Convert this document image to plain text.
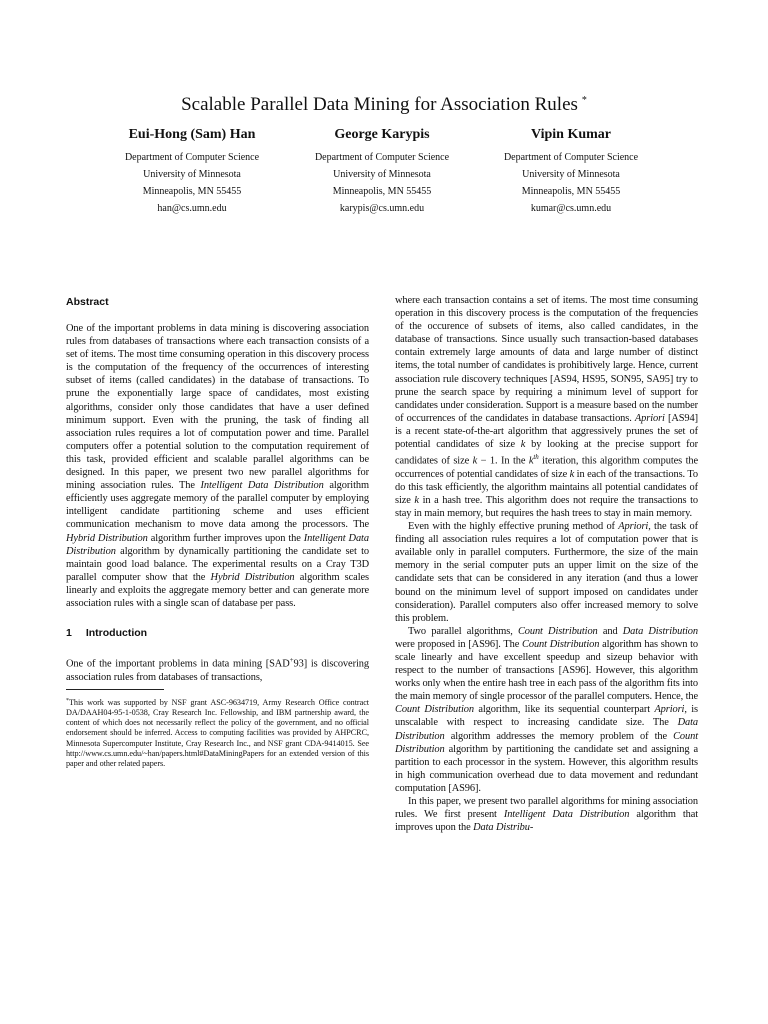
Scalable Parallel Data Mining for Association Rules *
Eui-Hong (Sam) Han
Department of Computer Science
University of Minnesota
Minneapolis, MN 55455
han@cs.umn.edu
George Karypis
Department of Computer Science
University of Minnesota
Minneapolis, MN 55455
karypis@cs.umn.edu
Vipin Kumar
Department of Computer Science
University of Minnesota
Minneapolis, MN 55455
kumar@cs.umn.edu
Abstract

One of the important problems in data mining is discovering association rules from databases of transactions where each transaction consists of a set of items. The most time consuming operation in this discovery process is the computation of the frequency of the occurrences of interesting subset of items (called candidates) in the database of transactions. To prune the exponentially large space of candidates, most existing algorithms, consider only those candidates that have a user defined minimum support. Even with the pruning, the task of finding all association rules requires a lot of computation power and time. Parallel computers offer a potential solution to the computation requirement of this task, provided efficient and scalable parallel algorithms can be designed. In this paper, we present two new parallel algorithms for mining association rules. The Intelligent Data Distribution algorithm efficiently uses aggregate memory of the parallel computer by employing intelligent candidate partitioning scheme and uses efficient communication mechanism to move data among the processors. The Hybrid Distribution algorithm further improves upon the Intelligent Data Distribution algorithm by dynamically partitioning the candidate set to maintain good load balance. The experimental results on a Cray T3D parallel computer show that the Hybrid Distribution algorithm scales linearly and exploits the aggregate memory better and can generate more association rules with a single scan of database per pass.

1 Introduction

One of the important problems in data mining [SAD+93] is discovering association rules from databases of transactions,

*This work was supported by NSF grant ASC-9634719, Army Research Office contract DA/DAAH04-95-1-0538, Cray Research Inc. Fellowship, and IBM partnership award, the content of which does not necessarily reflect the policy of the government, and no official endorsement should be inferred. Access to computing facilities was provided by AHPCRC, Minnesota Supercomputer Institute, Cray Research Inc., and NSF grant CDA-9414015. See http://www.cs.umn.edu/~han/papers.html#DataMiningPapers for an extended version of this paper and other related papers.

where each transaction contains a set of items. The most time consuming operation in this discovery process is the computation of the frequencies of the occurence of subsets of items, also called candidates, in the database of transactions. Since usually such transaction-based databases contain extremely large amounts of data and large number of distinct items, the total number of candidates is prohibitively large. Hence, current association rule discovery techniques [AS94, HS95, SON95, SA95] try to prune the search space by requiring a minimum level of support for candidates under consideration. Support is a measure based on the number of occurrences of the candidates in database transactions. Apriori [AS94] is a recent state-of-the-art algorithm that aggressively prunes the set of potential candidates of size k by looking at the precise support for candidates of size k − 1. In the $k^{th}$ iteration, this algorithm computes the occurrences of potential candidates of size k in each of the transactions. To do this task efficiently, the algorithm maintains all potential candidates of size k in a hash tree. This algorithm does not require the transactions to stay in main memory, but requires the hash trees to stay in main memory.

Even with the highly effective pruning method of Apriori, the task of finding all association rules requires a lot of computation power that is available only in parallel computers. Furthermore, the size of the main memory in the serial computer puts an upper limit on the size of the candidate sets that can be considered in any iteration (and thus a lower bound on the minimum level of support imposed on candidates under consideration). Parallel computers also offer increased memory to solve this problem.

Two parallel algorithms, Count Distribution and Data Distribution were proposed in [AS96]. The Count Distribution algorithm has shown to scale linearly and have excellent speedup and sizeup behavior with respect to the number of transactions [AS96]. However, this algorithm works only when the entire hash tree in each pass of the algorithm fits into the main memory of single processor of the parallel computers. Hence, the Count Distribution algorithm, like its sequential counterpart Apriori, is unscalable with respect to increasing candidate size. The Data Distribution algorithm addresses the memory problem of the Count Distribution algorithm by partitioning the candidate set and assigning a partition to each processor in the system. However, this algorithm results in high communication overhead due to data movement and redundant computation [AS96].

In this paper, we present two parallel algorithms for mining association rules. We first present Intelligent Data Distribution algorithm that improves upon the Data Distribu-
